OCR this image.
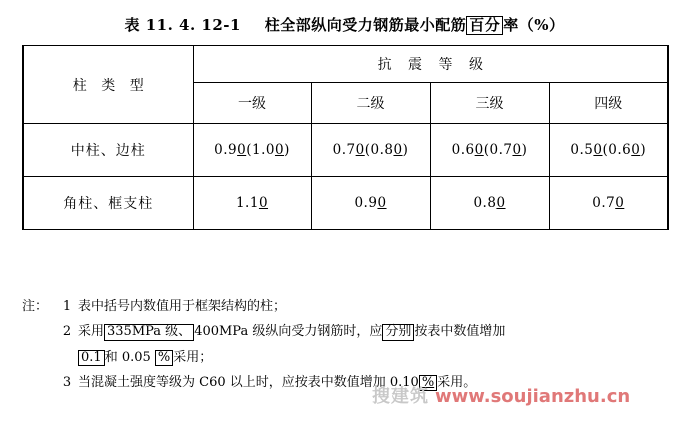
表 11. 4. 12-1 柱全部纵向受力钢筋最小配筋 百分 率（%）
柱 类 型	抗 震 等 级			
	一级	二级	三级	四级
中柱、边柱	0.90(1.00)	0.70(0.80)	0.60(0.70)	0.50(0.60)
角柱、框支柱	1.10	0.90	0.80	0.70
注：	1 表中括号内数值用于框架结构的柱；
2 采用 335MPa 级、 400MPa 级纵向受力钢筋时，应 分别 按表中数值增加
0.1 和 0.05 % 采用；
3 当混凝土强度等级为 C60 以上时，应按表中数值增加 0.10 % 采用。
搜建筑 www.soujianzhu.cn
